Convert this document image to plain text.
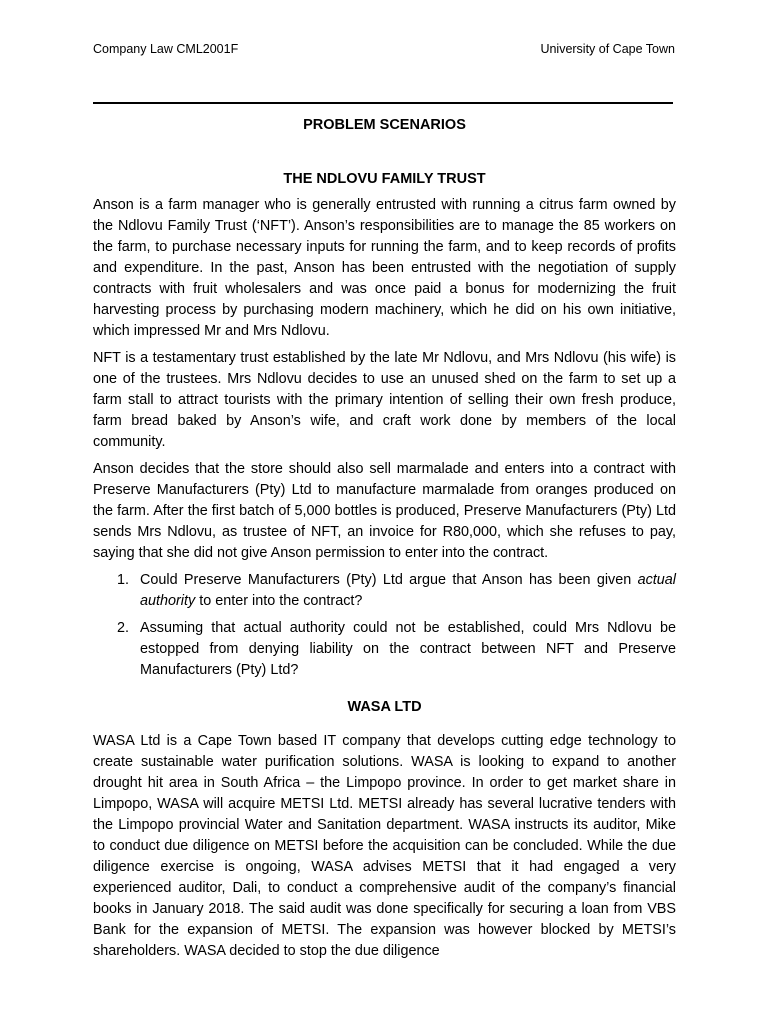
Company Law CML2001F	University of Cape Town
PROBLEM SCENARIOS
THE NDLOVU FAMILY TRUST

Anson is a farm manager who is generally entrusted with running a citrus farm owned by the Ndlovu Family Trust (‘NFT’). Anson’s responsibilities are to manage the 85 workers on the farm, to purchase necessary inputs for running the farm, and to keep records of profits and expenditure. In the past, Anson has been entrusted with the negotiation of supply contracts with fruit wholesalers and was once paid a bonus for modernizing the fruit harvesting process by purchasing modern machinery, which he did on his own initiative, which impressed Mr and Mrs Ndlovu.

NFT is a testamentary trust established by the late Mr Ndlovu, and Mrs Ndlovu (his wife) is one of the trustees. Mrs Ndlovu decides to use an unused shed on the farm to set up a farm stall to attract tourists with the primary intention of selling their own fresh produce, farm bread baked by Anson’s wife, and craft work done by members of the local community.

Anson decides that the store should also sell marmalade and enters into a contract with Preserve Manufacturers (Pty) Ltd to manufacture marmalade from oranges produced on the farm. After the first batch of 5,000 bottles is produced, Preserve Manufacturers (Pty) Ltd sends Mrs Ndlovu, as trustee of NFT, an invoice for R80,000, which she refuses to pay, saying that she did not give Anson permission to enter into the contract.

1. Could Preserve Manufacturers (Pty) Ltd argue that Anson has been given actual authority to enter into the contract?
2. Assuming that actual authority could not be established, could Mrs Ndlovu be estopped from denying liability on the contract between NFT and Preserve Manufacturers (Pty) Ltd?
WASA LTD

WASA Ltd is a Cape Town based IT company that develops cutting edge technology to create sustainable water purification solutions. WASA is looking to expand to another drought hit area in South Africa – the Limpopo province. In order to get market share in Limpopo, WASA will acquire METSI Ltd. METSI already has several lucrative tenders with the Limpopo provincial Water and Sanitation department. WASA instructs its auditor, Mike to conduct due diligence on METSI before the acquisition can be concluded. While the due diligence exercise is ongoing, WASA advises METSI that it had engaged a very experienced auditor, Dali, to conduct a comprehensive audit of the company’s financial books in January 2018. The said audit was done specifically for securing a loan from VBS Bank for the expansion of METSI. The expansion was however blocked by METSI’s shareholders. WASA decided to stop the due diligence
